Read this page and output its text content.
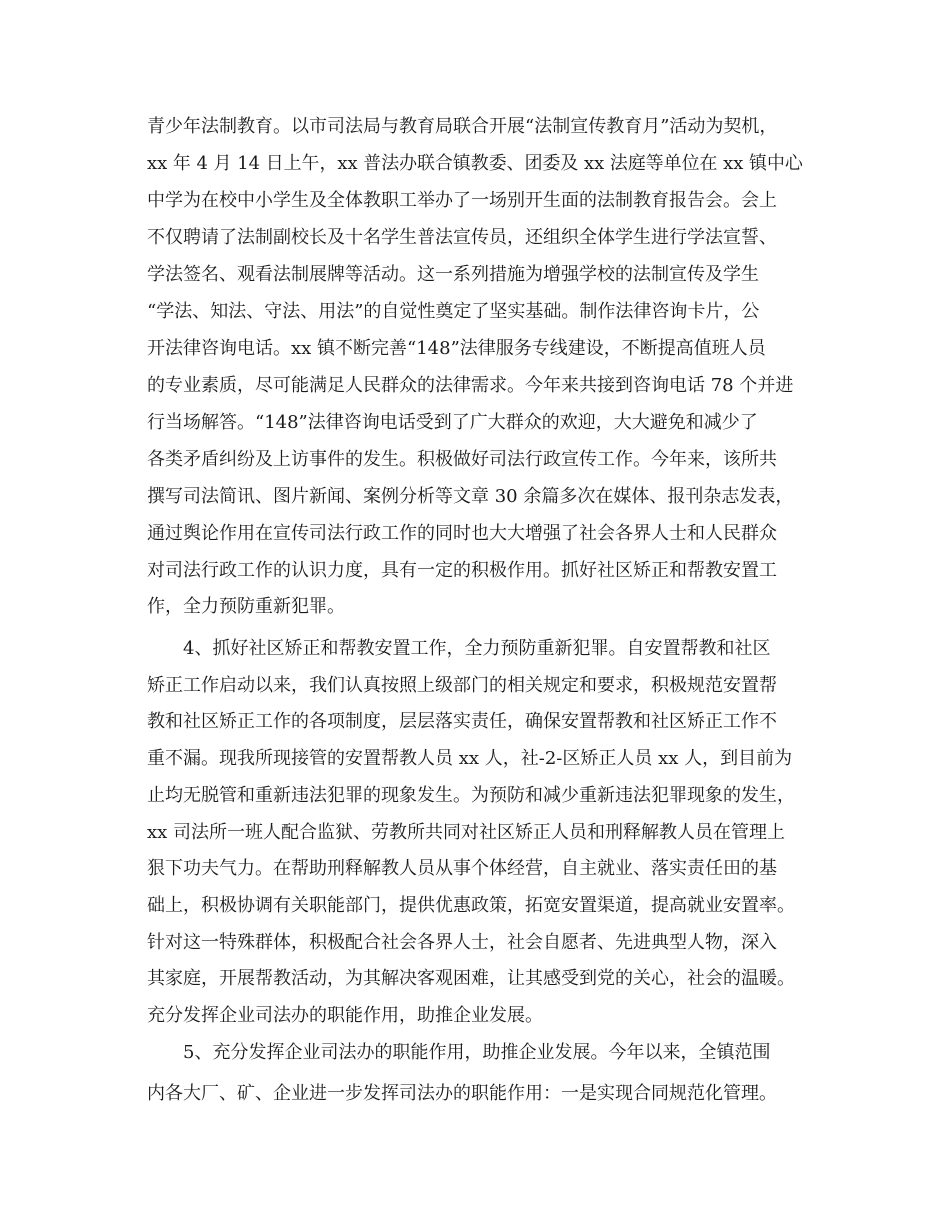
青少年法制教育。以市司法局与教育局联合开展“法制宣传教育月”活动为契机，
xx 年 4 月 14 日上午，xx 普法办联合镇教委、团委及 xx 法庭等单位在 xx 镇中心
中学为在校中小学生及全体教职工举办了一场别开生面的法制教育报告会。会上
不仅聘请了法制副校长及十名学生普法宣传员，还组织全体学生进行学法宣誓、
学法签名、观看法制展牌等活动。这一系列措施为增强学校的法制宣传及学生
“学法、知法、守法、用法”的自觉性奠定了坚实基础。制作法律咨询卡片，公
开法律咨询电话。xx 镇不断完善“148”法律服务专线建设，不断提高值班人员
的专业素质，尽可能满足人民群众的法律需求。今年来共接到咨询电话 78 个并进
行当场解答。“148”法律咨询电话受到了广大群众的欢迎，大大避免和减少了
各类矛盾纠纷及上访事件的发生。积极做好司法行政宣传工作。今年来，该所共
撰写司法简讯、图片新闻、案例分析等文章 30 余篇多次在媒体、报刊杂志发表，
通过舆论作用在宣传司法行政工作的同时也大大增强了社会各界人士和人民群众
对司法行政工作的认识力度，具有一定的积极作用。抓好社区矫正和帮教安置工
作，全力预防重新犯罪。
4、抓好社区矫正和帮教安置工作，全力预防重新犯罪。自安置帮教和社区
矫正工作启动以来，我们认真按照上级部门的相关规定和要求，积极规范安置帮
教和社区矫正工作的各项制度，层层落实责任，确保安置帮教和社区矫正工作不
重不漏。现我所现接管的安置帮教人员 xx 人，社-2-区矫正人员 xx 人，到目前为
止均无脱管和重新违法犯罪的现象发生。为预防和减少重新违法犯罪现象的发生，
xx 司法所一班人配合监狱、劳教所共同对社区矫正人员和刑释解教人员在管理上
狠下功夫气力。在帮助刑释解教人员从事个体经营，自主就业、落实责任田的基
础上，积极协调有关职能部门，提供优惠政策，拓宽安置渠道，提高就业安置率。
针对这一特殊群体，积极配合社会各界人士，社会自愿者、先进典型人物，深入
其家庭，开展帮教活动，为其解决客观困难，让其感受到党的关心，社会的温暖。
充分发挥企业司法办的职能作用，助推企业发展。
5、充分发挥企业司法办的职能作用，助推企业发展。今年以来，全镇范围
内各大厂、矿、企业进一步发挥司法办的职能作用：一是实现合同规范化管理。
